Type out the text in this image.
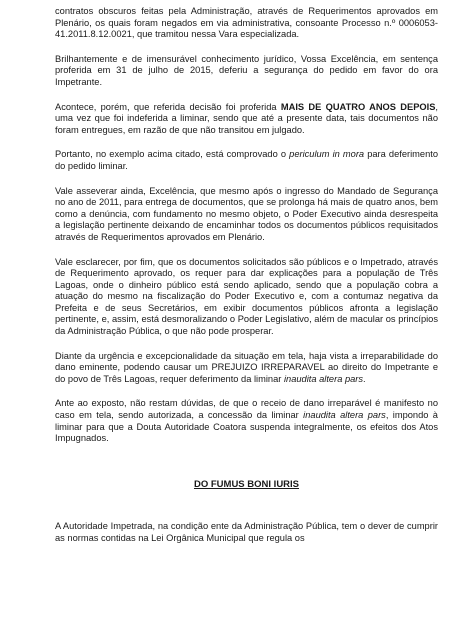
contratos obscuros feitas pela Administração, através de Requerimentos aprovados em Plenário, os quais foram negados em via administrativa, consoante Processo n.º 0006053-41.2011.8.12.0021, que tramitou nessa Vara especializada.

Brilhantemente e de imensurável conhecimento jurídico, Vossa Excelência, em sentença proferida em 31 de julho de 2015, deferiu a segurança do pedido em favor do ora Impetrante.

Acontece, porém, que referida decisão foi proferida MAIS DE QUATRO ANOS DEPOIS, uma vez que foi indeferida a liminar, sendo que até a presente data, tais documentos não foram entregues, em razão de que não transitou em julgado.

Portanto, no exemplo acima citado, está comprovado o periculum in mora para deferimento do pedido liminar.

Vale asseverar ainda, Excelência, que mesmo após o ingresso do Mandado de Segurança no ano de 2011, para entrega de documentos, que se prolonga há mais de quatro anos, bem como a denúncia, com fundamento no mesmo objeto, o Poder Executivo ainda desrespeita a legislação pertinente deixando de encaminhar todos os documentos públicos requisitados através de Requerimentos aprovados em Plenário.

Vale esclarecer, por fim, que os documentos solicitados são públicos e o Impetrado, através de Requerimento aprovado, os requer para dar explicações para a população de Três Lagoas, onde o dinheiro público está sendo aplicado, sendo que a população cobra a atuação do mesmo na fiscalização do Poder Executivo e, com a contumaz negativa da Prefeita e de seus Secretários, em exibir documentos públicos afronta a legislação pertinente, e, assim, está desmoralizando o Poder Legislativo, além de macular os princípios da Administração Pública, o que não pode prosperar.

Diante da urgência e excepcionalidade da situação em tela, haja vista a irreparabilidade do dano eminente, podendo causar um PREJUIZO IRREPARAVEL ao direito do Impetrante e do povo de Três Lagoas, requer deferimento da liminar inaudita altera pars.

Ante ao exposto, não restam dúvidas, de que o receio de dano irreparável é manifesto no caso em tela, sendo autorizada, a concessão da liminar inaudita altera pars, impondo à liminar para que a Douta Autoridade Coatora suspenda integralmente, os efeitos dos Atos Impugnados.

DO FUMUS BONI IURIS

A Autoridade Impetrada, na condição ente da Administração Pública, tem o dever de cumprir as normas contidas na Lei Orgânica Municipal que regula os
